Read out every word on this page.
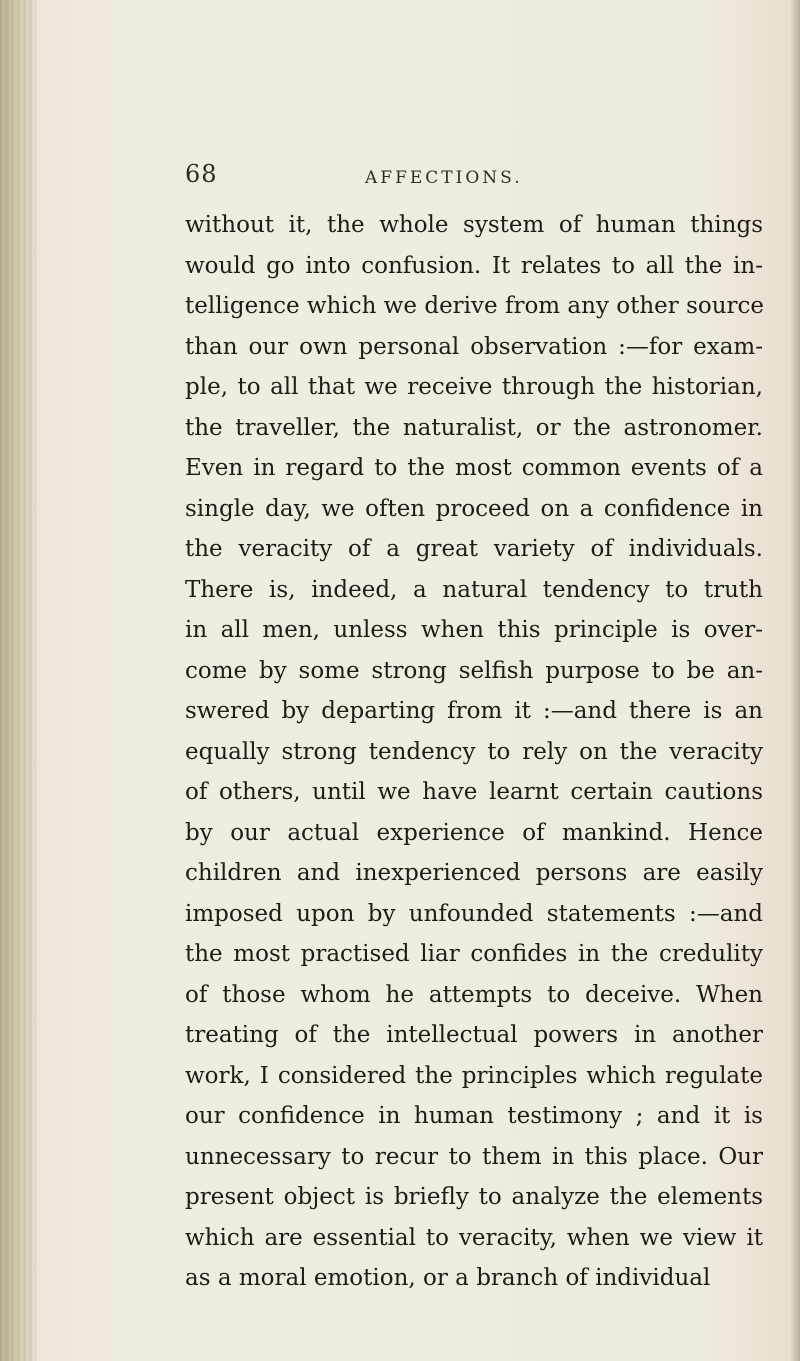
68	AFFECTIONS.
without it, the whole system of human things
would go into confusion. It relates to all the in-
telligence which we derive from any other source
than our own personal observation :—for exam-
ple, to all that we receive through the historian,
the traveller, the naturalist, or the astronomer.
Even in regard to the most common events of a
single day, we often proceed on a confidence in
the veracity of a great variety of individuals.
There is, indeed, a natural tendency to truth
in all men, unless when this principle is over-
come by some strong selfish purpose to be an-
swered by departing from it :—and there is an
equally strong tendency to rely on the veracity
of others, until we have learnt certain cautions
by our actual experience of mankind. Hence
children and inexperienced persons are easily
imposed upon by unfounded statements :—and
the most practised liar confides in the credulity
of those whom he attempts to deceive. When
treating of the intellectual powers in another
work, I considered the principles which regulate
our confidence in human testimony ; and it is
unnecessary to recur to them in this place. Our
present object is briefly to analyze the elements
which are essential to veracity, when we view it
as a moral emotion, or a branch of individual
